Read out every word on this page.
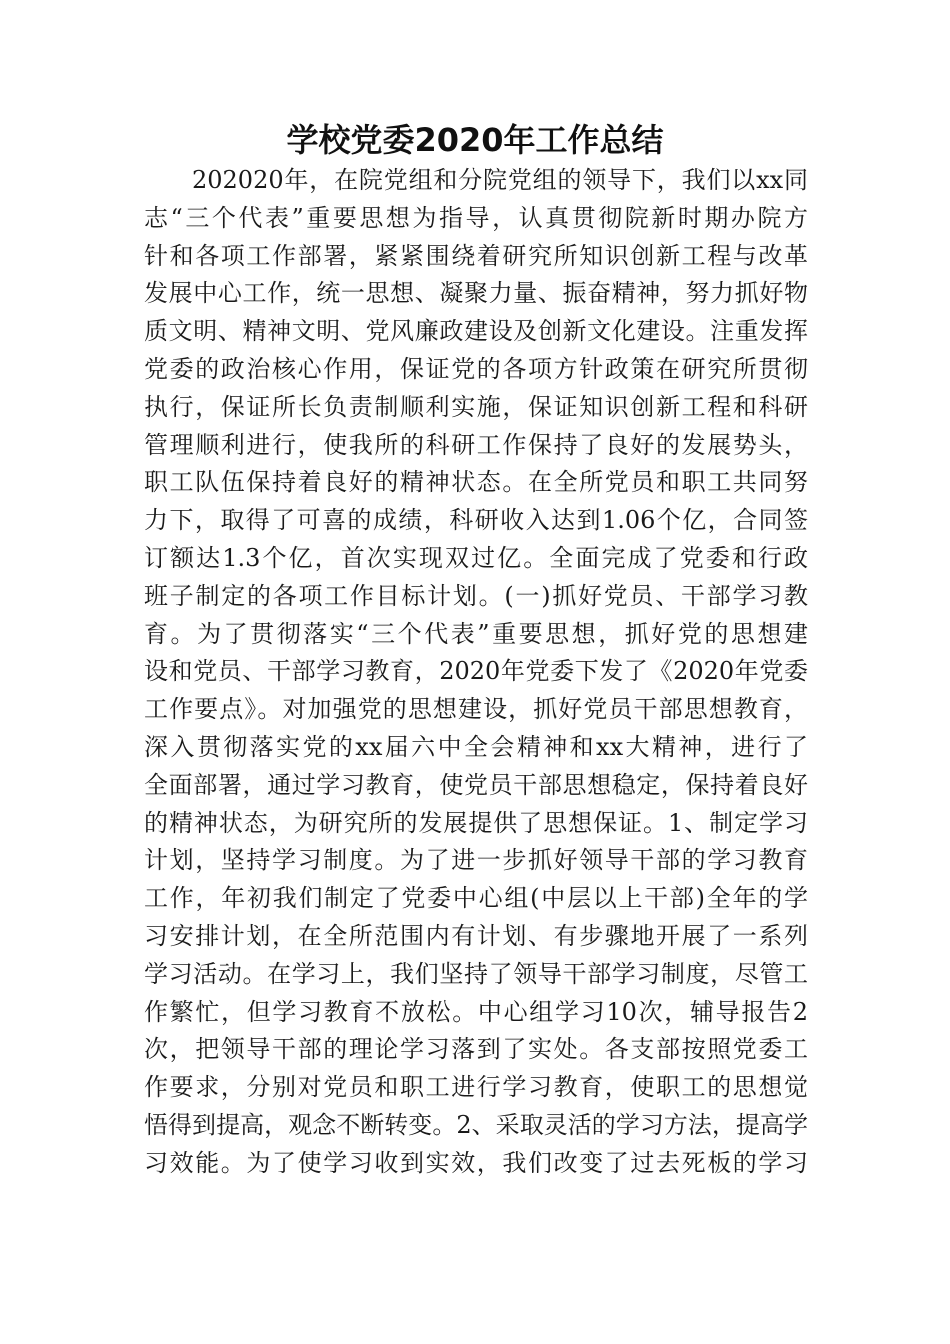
学校党委2020年工作总结
202020年，在院党组和分院党组的领导下，我们以xx同
志“三个代表”重要思想为指导，认真贯彻院新时期办院方
针和各项工作部署，紧紧围绕着研究所知识创新工程与改革
发展中心工作，统一思想、凝聚力量、振奋精神，努力抓好物
质文明、精神文明、党风廉政建设及创新文化建设。注重发挥
党委的政治核心作用，保证党的各项方针政策在研究所贯彻
执行，保证所长负责制顺利实施，保证知识创新工程和科研
管理顺利进行，使我所的科研工作保持了良好的发展势头，
职工队伍保持着良好的精神状态。在全所党员和职工共同努
力下，取得了可喜的成绩，科研收入达到1.06个亿，合同签
订额达1.3个亿，首次实现双过亿。全面完成了党委和行政
班子制定的各项工作目标计划。(一)抓好党员、干部学习教
育。为了贯彻落实“三个代表”重要思想，抓好党的思想建
设和党员、干部学习教育，2020年党委下发了《2020年党委
工作要点》。对加强党的思想建设，抓好党员干部思想教育，
深入贯彻落实党的xx届六中全会精神和xx大精神，进行了
全面部署，通过学习教育，使党员干部思想稳定，保持着良好
的精神状态，为研究所的发展提供了思想保证。1、制定学习
计划，坚持学习制度。为了进一步抓好领导干部的学习教育
工作，年初我们制定了党委中心组(中层以上干部)全年的学
习安排计划，在全所范围内有计划、有步骤地开展了一系列
学习活动。在学习上，我们坚持了领导干部学习制度，尽管工
作繁忙，但学习教育不放松。中心组学习10次，辅导报告2
次，把领导干部的理论学习落到了实处。各支部按照党委工
作要求，分别对党员和职工进行学习教育，使职工的思想觉
悟得到提高，观念不断转变。2、采取灵活的学习方法，提高学
习效能。为了使学习收到实效，我们改变了过去死板的学习
